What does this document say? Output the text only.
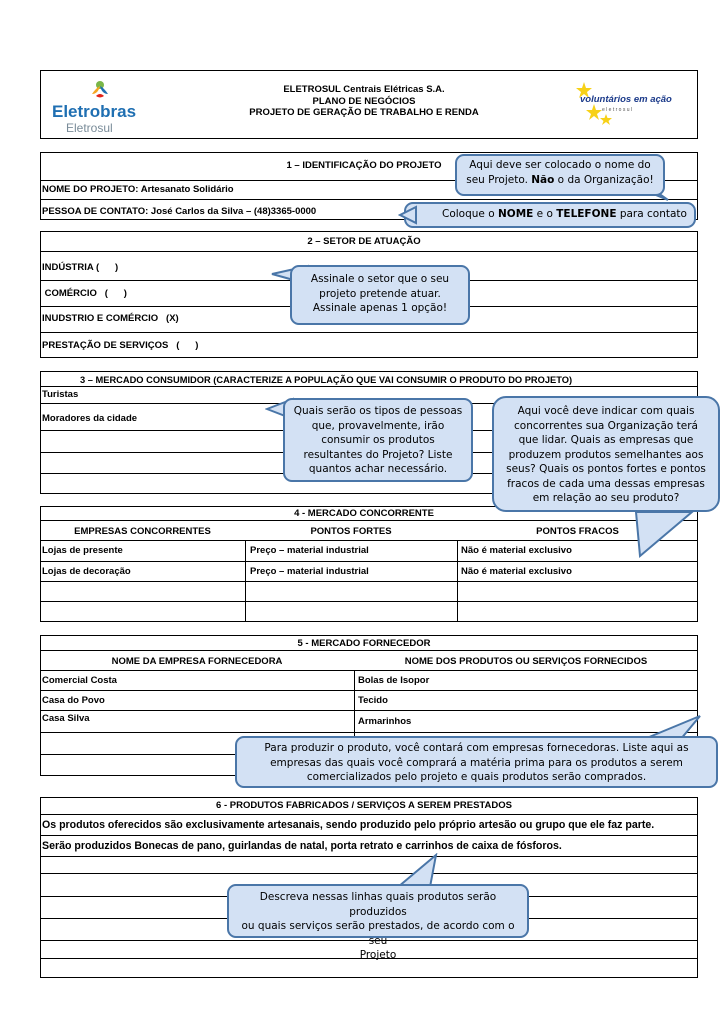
Eletrobras
Eletrosul
ELETROSUL Centrais Elétricas S.A.
PLANO DE NEGÓCIOS
PROJETO DE GERAÇÃO DE TRABALHO E RENDA
voluntários em ação
e l e t r o s u l
1 – IDENTIFICAÇÃO DO PROJETO
NOME DO PROJETO: Artesanato Solidário
PESSOA DE CONTATO: José Carlos da Silva – (48)3365-0000
2 – SETOR DE ATUAÇÃO
INDÚSTRIA (      )
COMÉRCIO   (      )
INUDSTRIO E COMÉRCIO   (X)
PRESTAÇÃO DE SERVIÇOS   (      )
3 – MERCADO CONSUMIDOR (CARACTERIZE A POPULAÇÃO QUE VAI CONSUMIR O PRODUTO DO PROJETO)
Turistas
Moradores da cidade
4 - MERCADO CONCORRENTE
EMPRESAS CONCORRENTES	PONTOS FORTES	PONTOS FRACOS
Lojas de presente	Preço – material industrial	Não é material exclusivo
Lojas de decoração	Preço – material industrial	Não é material exclusivo
5 - MERCADO FORNECEDOR
NOME DA EMPRESA FORNECEDORA	NOME DOS PRODUTOS OU SERVIÇOS FORNECIDOS
Comercial Costa	Bolas de Isopor
Casa do Povo	Tecido
Casa Silva	Armarinhos
6 - PRODUTOS FABRICADOS / SERVIÇOS A SEREM PRESTADOS
Os produtos oferecidos são exclusivamente artesanais, sendo produzido pelo próprio artesão ou grupo que ele faz parte.
Serão produzidos Bonecas de pano, guirlandas de natal, porta retrato e carrinhos de caixa de fósforos.
Aqui deve ser colocado o nome do
seu Projeto. Não o da Organização!
Coloque o NOME e o TELEFONE para contato
Assinale o setor que o seu
projeto pretende atuar.
Assinale apenas 1 opção!
Quais serão os tipos de pessoas
que, provavelmente, irão
consumir os produtos
resultantes do Projeto? Liste
quantos achar necessário.
Aqui você deve indicar com quais
concorrentes sua Organização terá
que lidar. Quais as empresas que
produzem produtos semelhantes aos
seus? Quais os pontos fortes e pontos
fracos de cada uma dessas empresas
em relação ao seu produto?
Para produzir o produto, você contará com empresas fornecedoras. Liste aqui as
empresas das quais você comprará a matéria prima para os produtos a serem
comercializados pelo projeto e quais produtos serão comprados.
Descreva nessas linhas quais produtos serão produzidos
ou quais serviços serão prestados, de acordo com o seu
Projeto
